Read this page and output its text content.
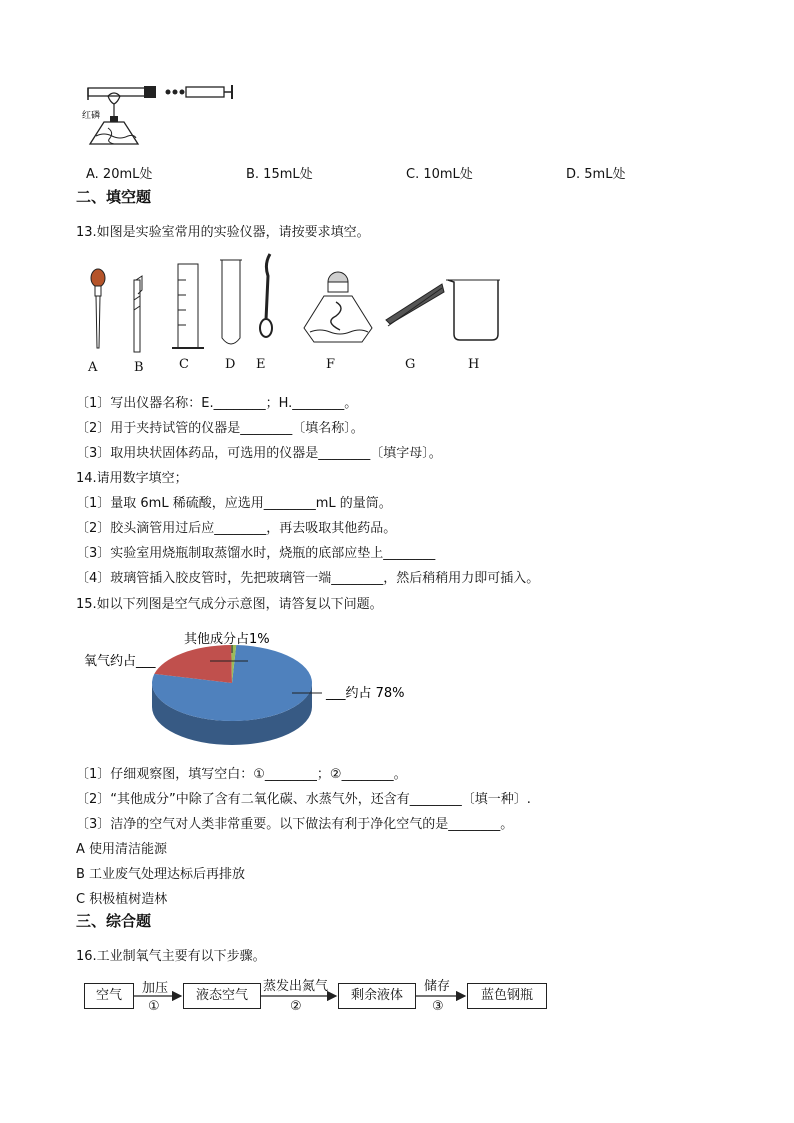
红磷
A. 20mL处	B. 15mL处	C. 10mL处	D. 5mL处
二、填空题
13.如图是实验室常用的实验仪器，请按要求填空。
A	B	C	D E	F	G	H
〔1〕写出仪器名称：E.________；H.________。
〔2〕用于夹持试管的仪器是________〔填名称〕。
〔3〕取用块状固体药品，可选用的仪器是________〔填字母〕。
14.请用数字填空；
〔1〕量取 6mL 稀硫酸，应选用________mL 的量筒。
〔2〕胶头滴管用过后应________，再去吸取其他药品。
〔3〕实验室用烧瓶制取蒸馏水时，烧瓶的底部应垫上________
〔4〕玻璃管插入胶皮管时，先把玻璃管一端________，然后稍稍用力即可插入。
15.如以下列图是空气成分示意图，请答复以下问题。
氧气约占___
其他成分占1%
___约占 78%
〔1〕仔细观察图，填写空白：①________；②________。
〔2〕“其他成分”中除了含有二氧化碳、水蒸气外，还含有________〔填一种〕.
〔3〕洁净的空气对人类非常重要。以下做法有利于净化空气的是________。
A 使用清洁能源
B 工业废气处理达标后再排放
C 积极植树造林
三、综合题
16.工业制氧气主要有以下步骤。
空气	液态空气	剩余液体	蓝色钢瓶
加压
①
蒸发出氮气
②
储存
③
